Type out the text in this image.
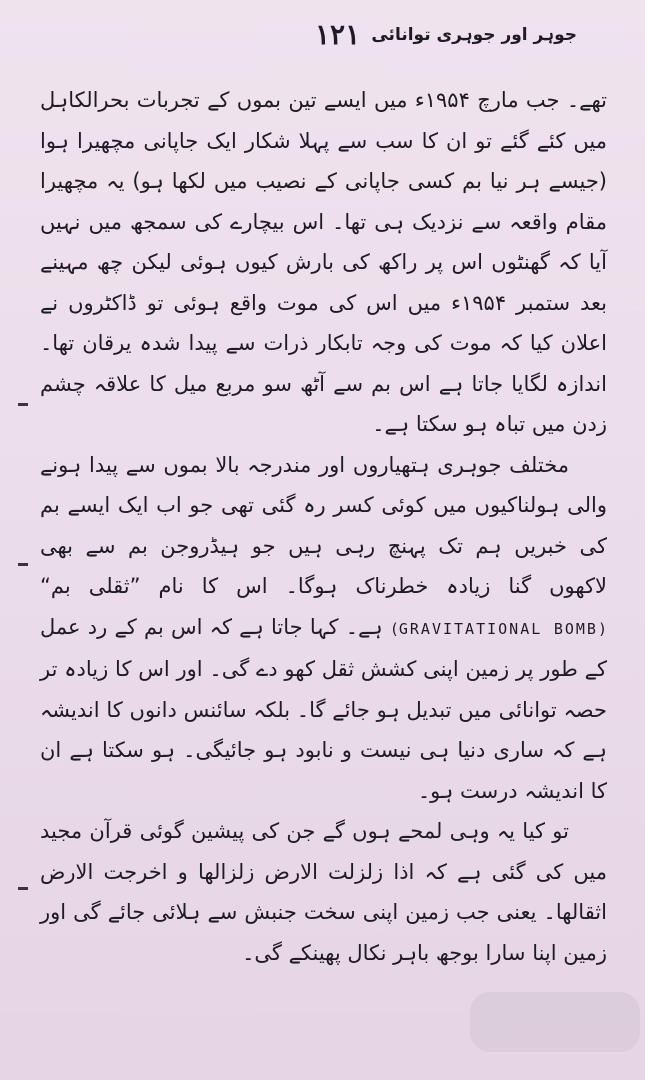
۱۲۱ جوہر اور جوہری توانائی

تھے۔ جب مارچ ۱۹۵۴ء میں ایسے تین بموں کے تجربات بحرالکاہل میں کئے گئے تو ان کا سب سے پہلا شکار ایک جاپانی مچھیرا ہوا (جیسے ہر نیا بم کسی جاپانی کے نصیب میں لکھا ہو) یہ مچھیرا مقام واقعہ سے نزدیک ہی تھا۔ اس بیچارے کی سمجھ میں نہیں آیا کہ گھنٹوں اس پر راکھ کی بارش کیوں ہوئی لیکن چھ مہینے بعد ستمبر ۱۹۵۴ء میں اس کی موت واقع ہوئی تو ڈاکٹروں نے اعلان کیا کہ موت کی وجہ تابکار ذرات سے پیدا شدہ یرقان تھا۔ اندازہ لگایا جاتا ہے اس بم سے آٹھ سو مربع میل کا علاقہ چشم زدن میں تباہ ہو سکتا ہے۔

مختلف جوہری ہتھیاروں اور مندرجہ بالا بموں سے پیدا ہونے والی ہولناکیوں میں کوئی کسر رہ گئی تھی جو اب ایک ایسے بم کی خبریں ہم تک پہنچ رہی ہیں جو ہیڈروجن بم سے بھی لاکھوں گنا زیادہ خطرناک ہوگا۔ اس کا نام ”ثقلی بم“ (GRAVITATIONAL BOMB) ہے۔ کہا جاتا ہے کہ اس بم کے رد عمل کے طور پر زمین اپنی کشش ثقل کھو دے گی۔ اور اس کا زیادہ تر حصہ توانائی میں تبدیل ہو جائے گا۔ بلکہ سائنس دانوں کا اندیشہ ہے کہ ساری دنیا ہی نیست و نابود ہو جائیگی۔ ہو سکتا ہے ان کا اندیشہ درست ہو۔

تو کیا یہ وہی لمحے ہوں گے جن کی پیشین گوئی قرآن مجید میں کی گئی ہے کہ اذا زلزلت الارض زلزالھا و اخرجت الارض اثقالھا۔ یعنی جب زمین اپنی سخت جنبش سے ہلائی جائے گی اور زمین اپنا سارا بوجھ باہر نکال پھینکے گی۔
